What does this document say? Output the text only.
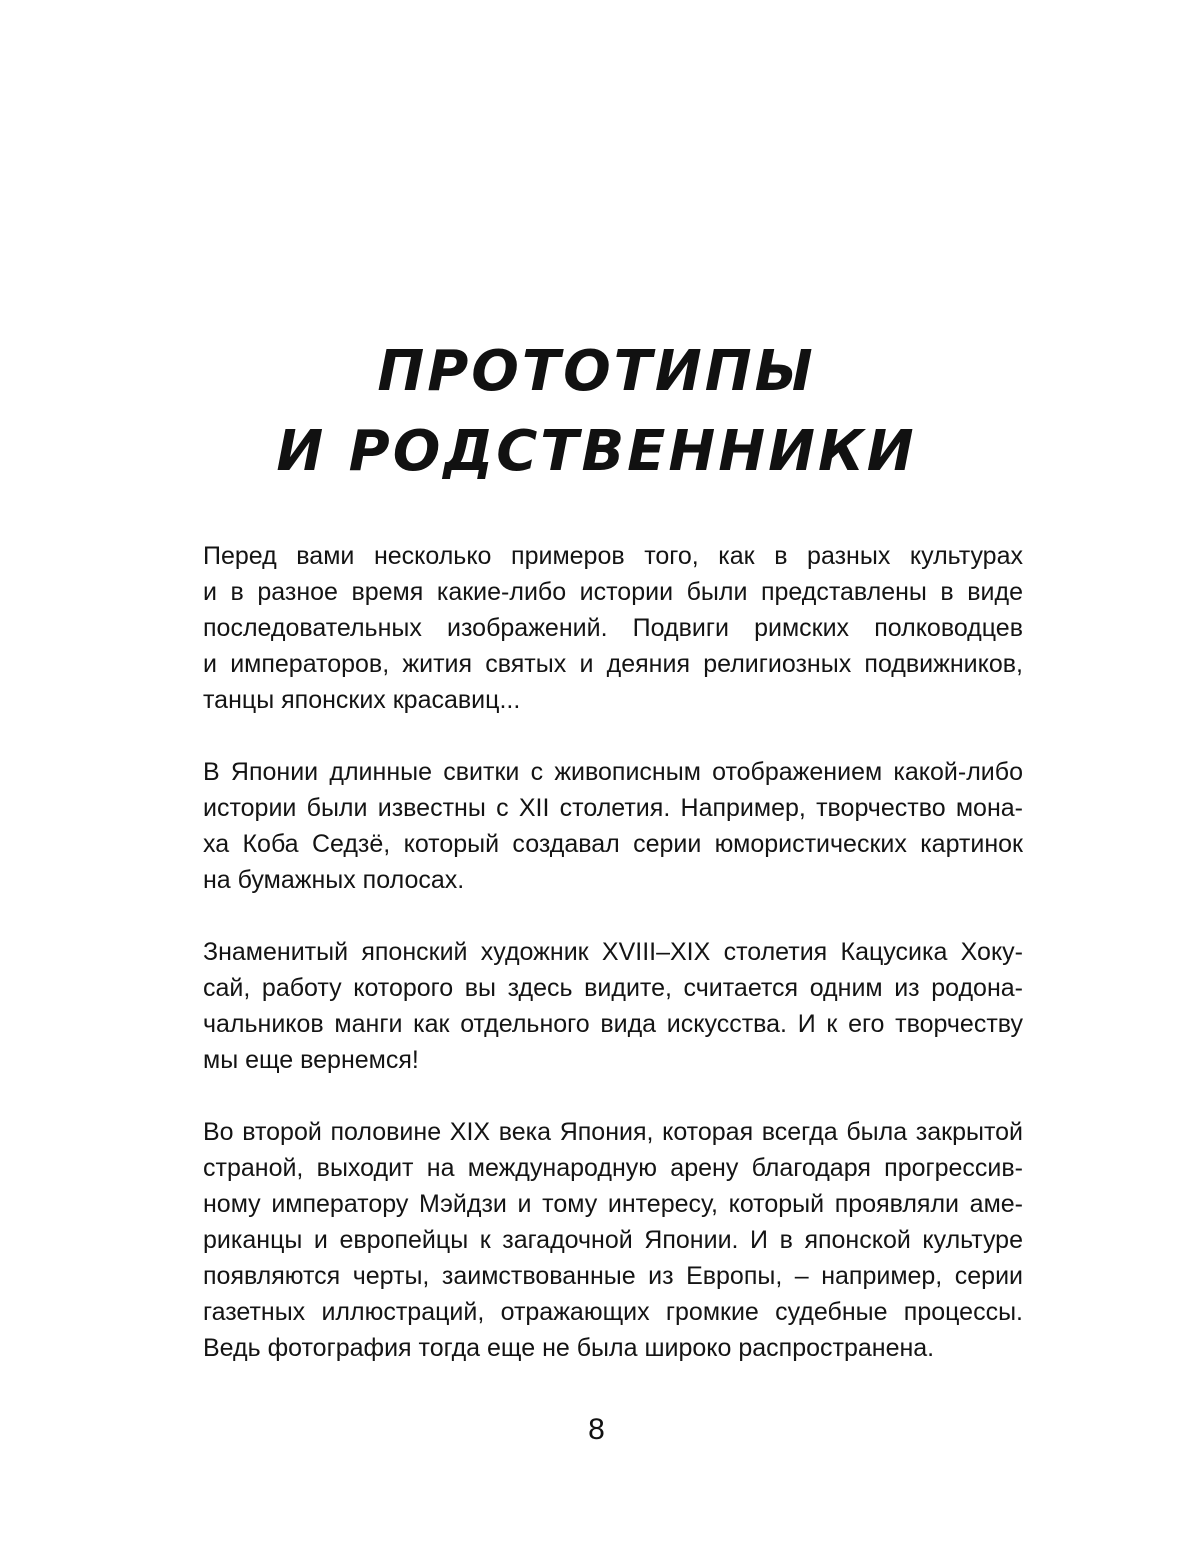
ПРОТОТИПЫ
И РОДСТВЕННИКИ

Перед вами несколько примеров того, как в разных культурах
и в разное время какие-либо истории были представлены в виде
последовательных изображений. Подвиги римских полководцев
и императоров, жития святых и деяния религиозных подвижников,
танцы японских красавиц...

В Японии длинные свитки с живописным отображением какой-либо
истории были известны с XII столетия. Например, творчество мона-
ха Коба Седзё, который создавал серии юмористических картинок
на бумажных полосах.

Знаменитый японский художник XVIII–XIX столетия Кацусика Хоку-
сай, работу которого вы здесь видите, считается одним из родона-
чальников манги как отдельного вида искусства. И к его творчеству
мы еще вернемся!

Во второй половине XIX века Япония, которая всегда была закрытой
страной, выходит на международную арену благодаря прогрессив-
ному императору Мэйдзи и тому интересу, который проявляли аме-
риканцы и европейцы к загадочной Японии. И в японской культуре
появляются черты, заимствованные из Европы, – например, серии
газетных иллюстраций, отражающих громкие судебные процессы.
Ведь фотография тогда еще не была широко распространена.

8
